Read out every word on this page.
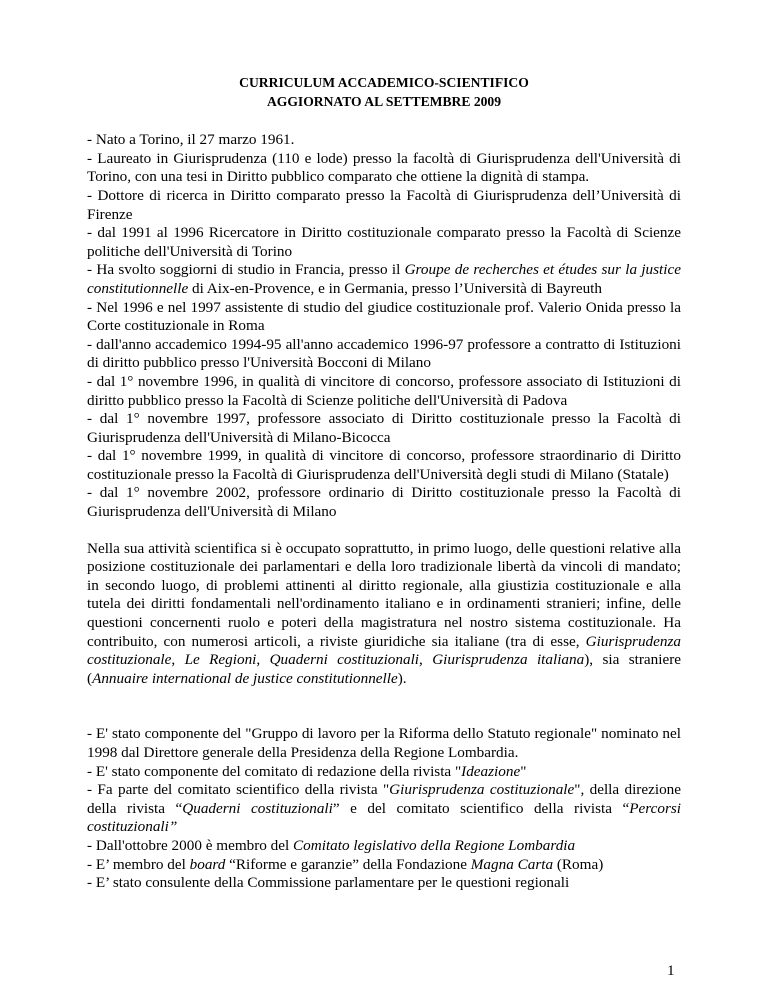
CURRICULUM ACCADEMICO-SCIENTIFICO
AGGIORNATO AL SETTEMBRE 2009

- Nato a Torino, il 27 marzo 1961.

- Laureato in Giurisprudenza (110 e lode) presso la facoltà di Giurisprudenza dell'Università di Torino, con una tesi in Diritto pubblico comparato che ottiene la dignità di stampa.

- Dottore di ricerca in Diritto comparato presso la Facoltà di Giurisprudenza dell’Università di Firenze

- dal 1991 al 1996 Ricercatore in Diritto costituzionale comparato presso la Facoltà di Scienze politiche dell'Università di Torino

- Ha svolto soggiorni di studio in Francia, presso il Groupe de recherches et études sur la justice constitutionnelle di Aix-en-Provence, e in Germania, presso l’Università di Bayreuth

- Nel 1996 e nel 1997 assistente di studio del giudice costituzionale prof. Valerio Onida presso la Corte costituzionale in Roma

- dall'anno accademico 1994-95 all'anno accademico 1996-97 professore a contratto di Istituzioni di diritto pubblico presso l'Università Bocconi di Milano

- dal 1° novembre 1996, in qualità di vincitore di concorso, professore associato di Istituzioni di diritto pubblico presso la Facoltà di Scienze politiche dell'Università di Padova

- dal 1° novembre 1997, professore associato di Diritto costituzionale presso la Facoltà di Giurisprudenza dell'Università di Milano-Bicocca

- dal 1° novembre 1999, in qualità di vincitore di concorso, professore straordinario di Diritto costituzionale presso la Facoltà di Giurisprudenza dell'Università degli studi di Milano (Statale)

- dal 1° novembre 2002, professore ordinario di Diritto costituzionale presso la Facoltà di Giurisprudenza dell'Università di Milano

Nella sua attività scientifica si è occupato soprattutto, in primo luogo, delle questioni relative alla posizione costituzionale dei parlamentari e della loro tradizionale libertà da vincoli di mandato; in secondo luogo, di problemi attinenti al diritto regionale, alla giustizia costituzionale e alla tutela dei diritti fondamentali nell'ordinamento italiano e in ordinamenti stranieri; infine, delle questioni concernenti ruolo e poteri della magistratura nel nostro sistema costituzionale. Ha contribuito, con numerosi articoli, a riviste giuridiche sia italiane (tra di esse, Giurisprudenza costituzionale, Le Regioni, Quaderni costituzionali, Giurisprudenza italiana), sia straniere (Annuaire international de justice constitutionnelle).

- E' stato componente del "Gruppo di lavoro per la Riforma dello Statuto regionale" nominato nel 1998 dal Direttore generale della Presidenza della Regione Lombardia.

- E' stato componente del comitato di redazione della rivista "Ideazione"

- Fa parte del comitato scientifico della rivista "Giurisprudenza costituzionale", della direzione della rivista “Quaderni costituzionali” e del comitato scientifico della rivista “Percorsi costituzionali”

- Dall'ottobre 2000 è membro del Comitato legislativo della Regione Lombardia

- E’ membro del board “Riforme e garanzie” della Fondazione Magna Carta (Roma)

- E’ stato consulente della Commissione parlamentare per le questioni regionali

1
